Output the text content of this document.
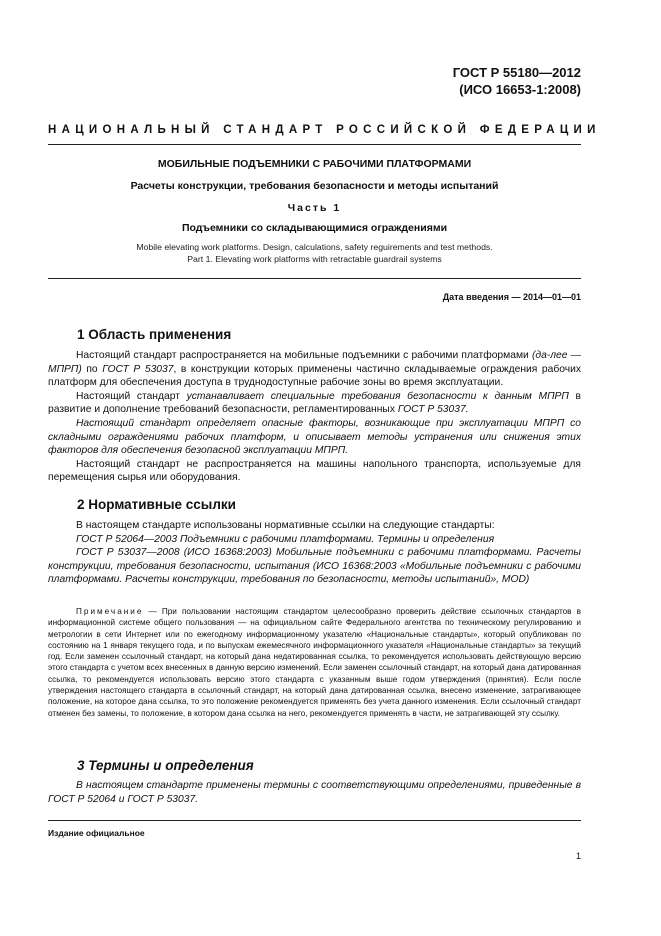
ГОСТ Р 55180—2012
(ИСО 16653-1:2008)
НАЦИОНАЛЬНЫЙ СТАНДАРТ РОССИЙСКОЙ ФЕДЕРАЦИИ
МОБИЛЬНЫЕ ПОДЪЕМНИКИ С РАБОЧИМИ ПЛАТФОРМАМИ
Расчеты конструкции, требования безопасности и методы испытаний
Часть 1
Подъемники со складывающимися ограждениями
Mobile elevating work platforms. Design, calculations, safety reguirements and test methods.
Part 1. Elevating work platforms with retractable guardrail systems
Дата введения — 2014—01—01
1 Область применения

Настоящий стандарт распространяется на мобильные подъемники с рабочими платформами (да-лее — МПРП) по ГОСТ Р 53037, в конструкции которых применены частично складываемые ограждения рабочих платформ для обеспечения доступа в труднодоступные рабочие зоны во время эксплуатации.

Настоящий стандарт устанавливает специальные требования безопасности к данным МПРП в развитие и дополнение требований безопасности, регламентированных ГОСТ Р 53037.

Настоящий стандарт определяет опасные факторы, возникающие при эксплуатации МПРП со складными ограждениями рабочих платформ, и описывает методы устранения или снижения этих факторов для обеспечения безопасной эксплуатации МПРП.

Настоящий стандарт не распространяется на машины напольного транспорта, используемые для перемещения сырья или оборудования.

2 Нормативные ссылки

В настоящем стандарте использованы нормативные ссылки на следующие стандарты:

ГОСТ Р 52064—2003 Подъемники с рабочими платформами. Термины и определения

ГОСТ Р 53037—2008 (ИСО 16368:2003) Мобильные подъемники с рабочими платформами. Расчеты конструкции, требования безопасности, испытания (ИСО 16368:2003 «Мобильные подъемники с рабочими платформами. Расчеты конструкции, требования по безопасности, методы испытаний», MOD)

Примечание — При пользовании настоящим стандартом целесообразно проверить действие ссылочных стандартов в информационной системе общего пользования — на официальном сайте Федерального агентства по техническому регулированию и метрологии в сети Интернет или по ежегодному информационному указателю «Национальные стандарты», который опубликован по состоянию на 1 января текущего года, и по выпускам ежемесячного информационного указателя «Национальные стандарты» за текущий год. Если заменен ссылочный стандарт, на который дана недатированная ссылка, то рекомендуется использовать действующую версию этого стандарта с учетом всех внесенных в данную версию изменений. Если заменен ссылочный стандарт, на который дана датированная ссылка, то рекомендуется использовать версию этого стандарта с указанным выше годом утверждения (принятия). Если после утверждения настоящего стандарта в ссылочный стандарт, на который дана датированная ссылка, внесено изменение, затрагивающее положение, на которое дана ссылка, то это положение рекомендуется применять без учета данного изменения. Если ссылочный стандарт отменен без замены, то положение, в котором дана ссылка на него, рекомендуется применять в части, не затрагивающей эту ссылку.
3 Термины и определения

В настоящем стандарте применены термины с соответствующими определениями, приведенные в ГОСТ Р 52064 и ГОСТ Р 53037.

Издание официальное
1
